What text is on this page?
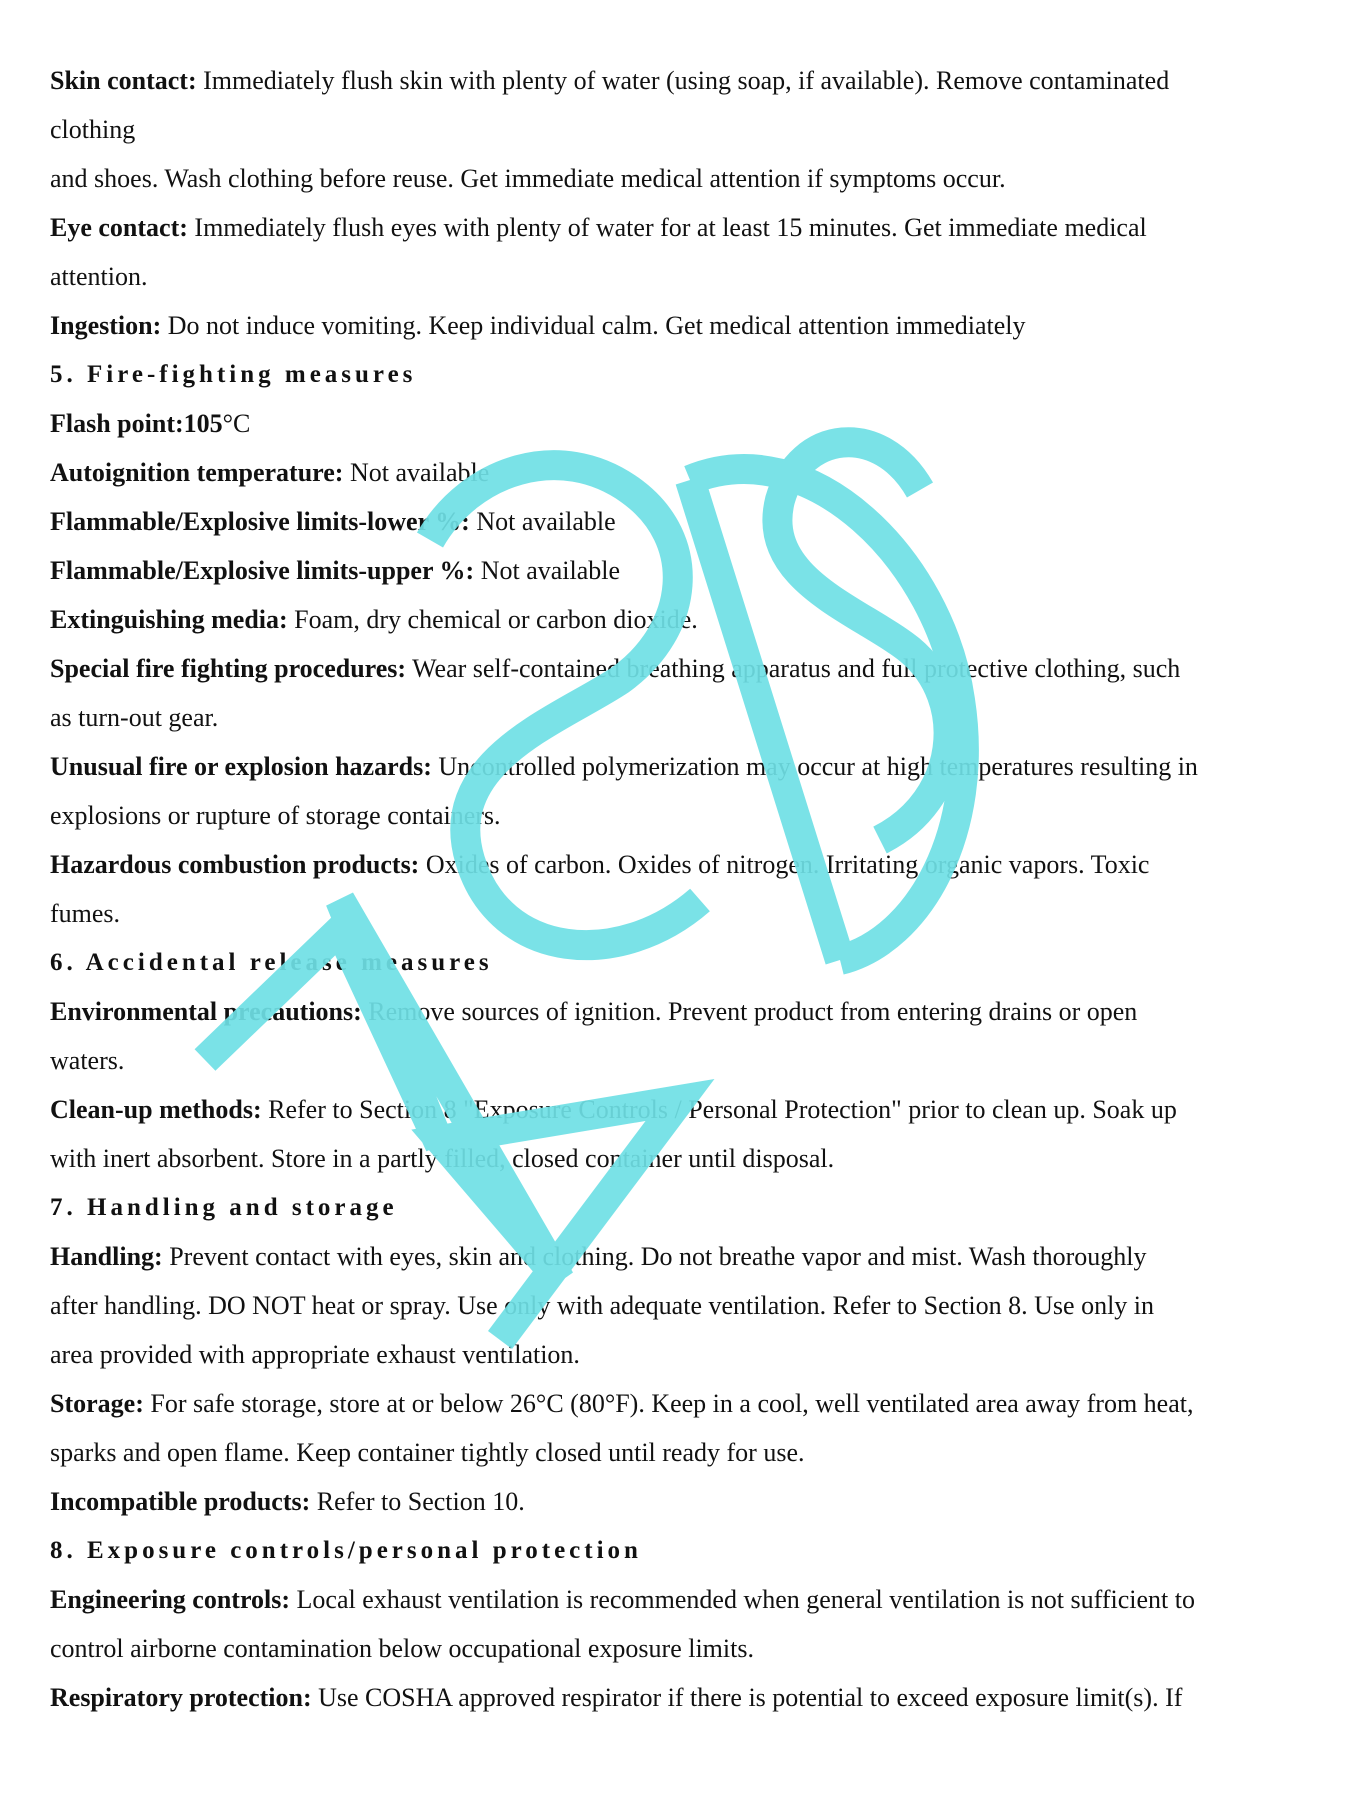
Skin contact: Immediately flush skin with plenty of water (using soap, if available). Remove contaminated
clothing
and shoes. Wash clothing before reuse. Get immediate medical attention if symptoms occur.
Eye contact: Immediately flush eyes with plenty of water for at least 15 minutes. Get immediate medical
attention.
Ingestion: Do not induce vomiting. Keep individual calm. Get medical attention immediately
5. Fire-fighting measures
Flash point:105°C
Autoignition temperature: Not available
Flammable/Explosive limits-lower %: Not available
Flammable/Explosive limits-upper %: Not available
Extinguishing media: Foam, dry chemical or carbon dioxide.
Special fire fighting procedures: Wear self-contained breathing apparatus and full protective clothing, such
as turn-out gear.
Unusual fire or explosion hazards: Uncontrolled polymerization may occur at high temperatures resulting in
explosions or rupture of storage containers.
Hazardous combustion products: Oxides of carbon. Oxides of nitrogen. Irritating organic vapors. Toxic
fumes.
6. Accidental release measures
Environmental precautions: Remove sources of ignition. Prevent product from entering drains or open
waters.
Clean-up methods: Refer to Section 8 "Exposure Controls / Personal Protection" prior to clean up. Soak up
with inert absorbent. Store in a partly filled, closed container until disposal.
7. Handling and storage
Handling: Prevent contact with eyes, skin and clothing. Do not breathe vapor and mist. Wash thoroughly
after handling. DO NOT heat or spray. Use only with adequate ventilation. Refer to Section 8. Use only in
area provided with appropriate exhaust ventilation.
Storage: For safe storage, store at or below 26°C (80°F). Keep in a cool, well ventilated area away from heat,
sparks and open flame. Keep container tightly closed until ready for use.
Incompatible products: Refer to Section 10.
8. Exposure controls/personal protection
Engineering controls: Local exhaust ventilation is recommended when general ventilation is not sufficient to
control airborne contamination below occupational exposure limits.
Respiratory protection: Use COSHA approved respirator if there is potential to exceed exposure limit(s). If
